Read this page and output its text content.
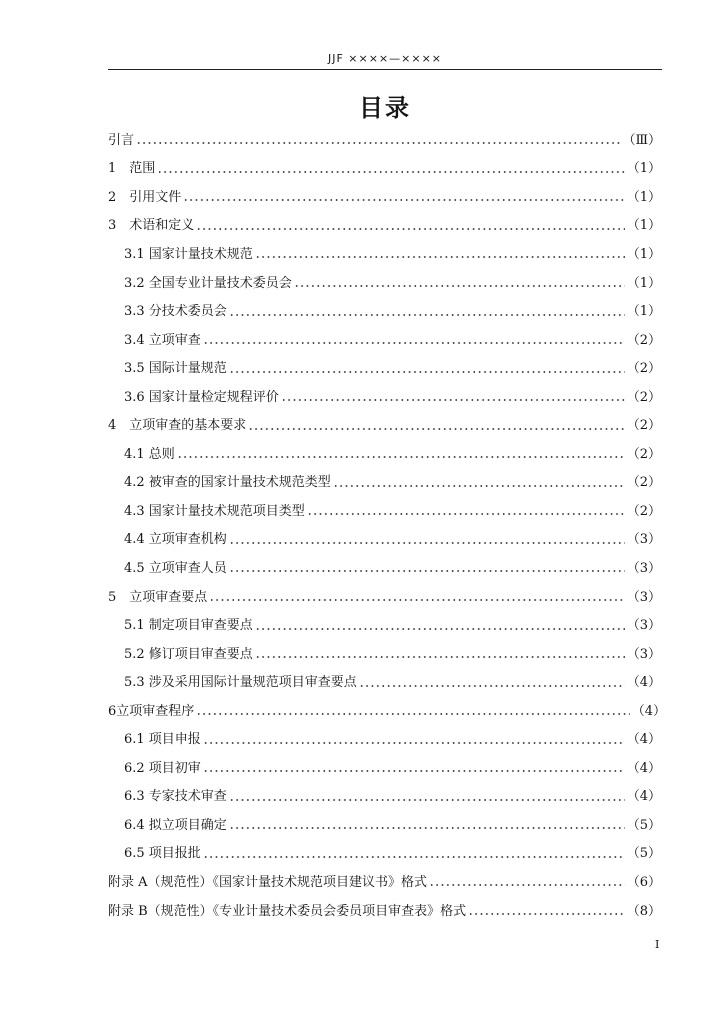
JJF ××××—××××
目录
引言	（Ⅲ）
1　范围	（1）
2　引用文件	（1）
3　术语和定义	（1）
3.1 国家计量技术规范	（1）
3.2 全国专业计量技术委员会	（1）
3.3 分技术委员会	（1）
3.4 立项审查	（2）
3.5 国际计量规范	（2）
3.6 国家计量检定规程评价	（2）
4　立项审查的基本要求	（2）
4.1 总则	（2）
4.2 被审查的国家计量技术规范类型	（2）
4.3 国家计量技术规范项目类型	（2）
4.4 立项审查机构	（3）
4.5 立项审查人员	（3）
5　立项审查要点	（3）
5.1 制定项目审查要点	（3）
5.2 修订项目审查要点	（3）
5.3 涉及采用国际计量规范项目审查要点	（4）
6立项审查程序	（4）
6.1 项目申报	（4）
6.2 项目初审	（4）
6.3 专家技术审查	（4）
6.4 拟立项目确定	（5）
6.5 项目报批	（5）
附录 A（规范性）《国家计量技术规范项目建议书》格式	（6）
附录 B（规范性）《专业计量技术委员会委员项目审查表》格式	（8）
I
